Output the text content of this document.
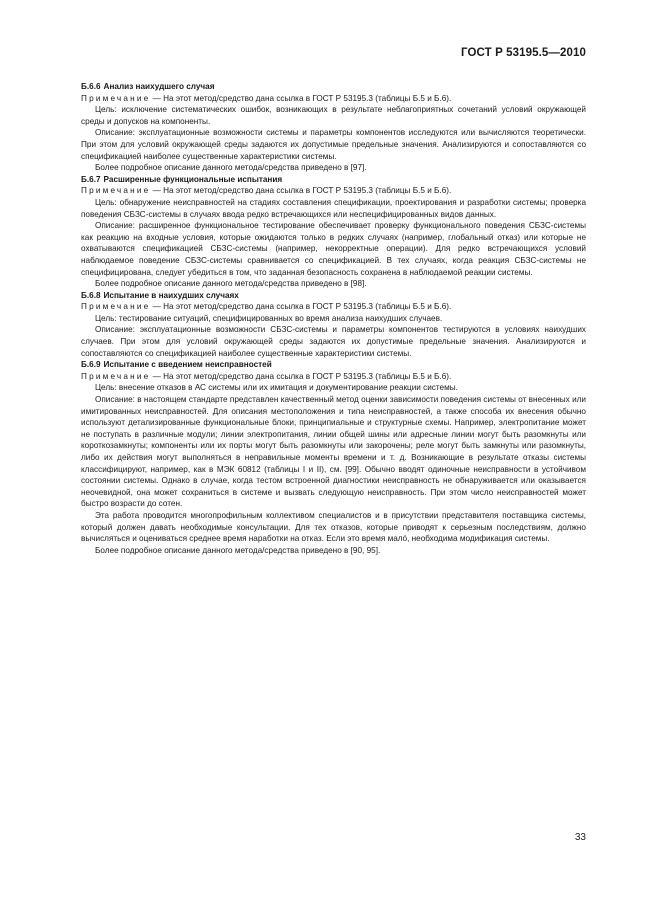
ГОСТ Р 53195.5—2010

Б.6.6 Анализ наихудшего случая

Примечание — На этот метод/средство дана ссылка в ГОСТ Р 53195.3 (таблицы Б.5 и Б.6).

Цель: исключение систематических ошибок, возникающих в результате неблагоприятных сочетаний условий окружающей среды и допусков на компоненты.

Описание: эксплуатационные возможности системы и параметры компонентов исследуются или вычисляются теоретически. При этом для условий окружающей среды задаются их допустимые предельные значения. Анализируются и сопоставляются со спецификацией наиболее существенные характеристики системы.

Более подробное описание данного метода/средства приведено в [97].

Б.6.7 Расширенные функциональные испытания

Примечание — На этот метод/средство дана ссылка в ГОСТ Р 53195.3 (таблицы Б.5 и Б.6).

Цель: обнаружение неисправностей на стадиях составления спецификации, проектирования и разработки системы; проверка поведения СБЗС-системы в случаях ввода редко встречающихся или неспецифицированных видов данных.

Описание: расширенное функциональное тестирование обеспечивает проверку функционального поведения СБЗС-системы как реакцию на входные условия, которые ожидаются только в редких случаях (например, глобальный отказ) или которые не охватываются спецификацией СБЗС-системы (например, некорректные операции). Для редко встречающихся условий наблюдаемое поведение СБЗС-системы сравнивается со спецификацией. В тех случаях, когда реакция СБЗС-системы не специфицирована, следует убедиться в том, что заданная безопасность сохранена в наблюдаемой реакции системы.

Более подробное описание данного метода/средства приведено в [98].

Б.6.8 Испытание в наихудших случаях

Примечание — На этот метод/средство дана ссылка в ГОСТ Р 53195.3 (таблицы Б.5 и Б.6).

Цель: тестирование ситуаций, специфицированных во время анализа наихудших случаев.

Описание: эксплуатационные возможности СБЗС-системы и параметры компонентов тестируются в условиях наихудших случаев. При этом для условий окружающей среды задаются их допустимые предельные значения. Анализируются и сопоставляются со спецификацией наиболее существенные характеристики системы.

Б.6.9 Испытание с введением неисправностей

Примечание — На этот метод/средство дана ссылка в ГОСТ Р 53195.3 (таблицы Б.5 и Б.6).

Цель: внесение отказов в АС системы или их имитация и документирование реакции системы.

Описание: в настоящем стандарте представлен качественный метод оценки зависимости поведения системы от внесенных или имитированных неисправностей. Для описания местоположения и типа неисправностей, а также способа их внесения обычно используют детализированные функциональные блоки, принципиальные и структурные схемы. Например, электропитание может не поступать в различные модули; линии электропитания, линии общей шины или адресные линии могут быть разомкнуты или короткозамкнуты; компоненты или их порты могут быть разомкнуты или закорочены; реле могут быть замкнуты или разомкнуты, либо их действия могут выполняться в неправильные моменты времени и т. д. Возникающие в результате отказы системы классифицируют, например, как в МЭК 60812 (таблицы I и II), см. [99]. Обычно вводят одиночные неисправности в устойчивом состоянии системы. Однако в случае, когда тестом встроенной диагностики неисправность не обнаруживается или оказывается неочевидной, она может сохраниться в системе и вызвать следующую неисправность. При этом число неисправностей может быстро возрасти до сотен.

Эта работа проводится многопрофильным коллективом специалистов и в присутствии представителя поставщика системы, который должен давать необходимые консультации. Для тех отказов, которые приводят к серьезным последствиям, должно вычисляться и оцениваться среднее время наработки на отказ. Если это время мaлó, необходима модификация системы.

Более подробное описание данного метода/средства приведено в [90, 95].

33
